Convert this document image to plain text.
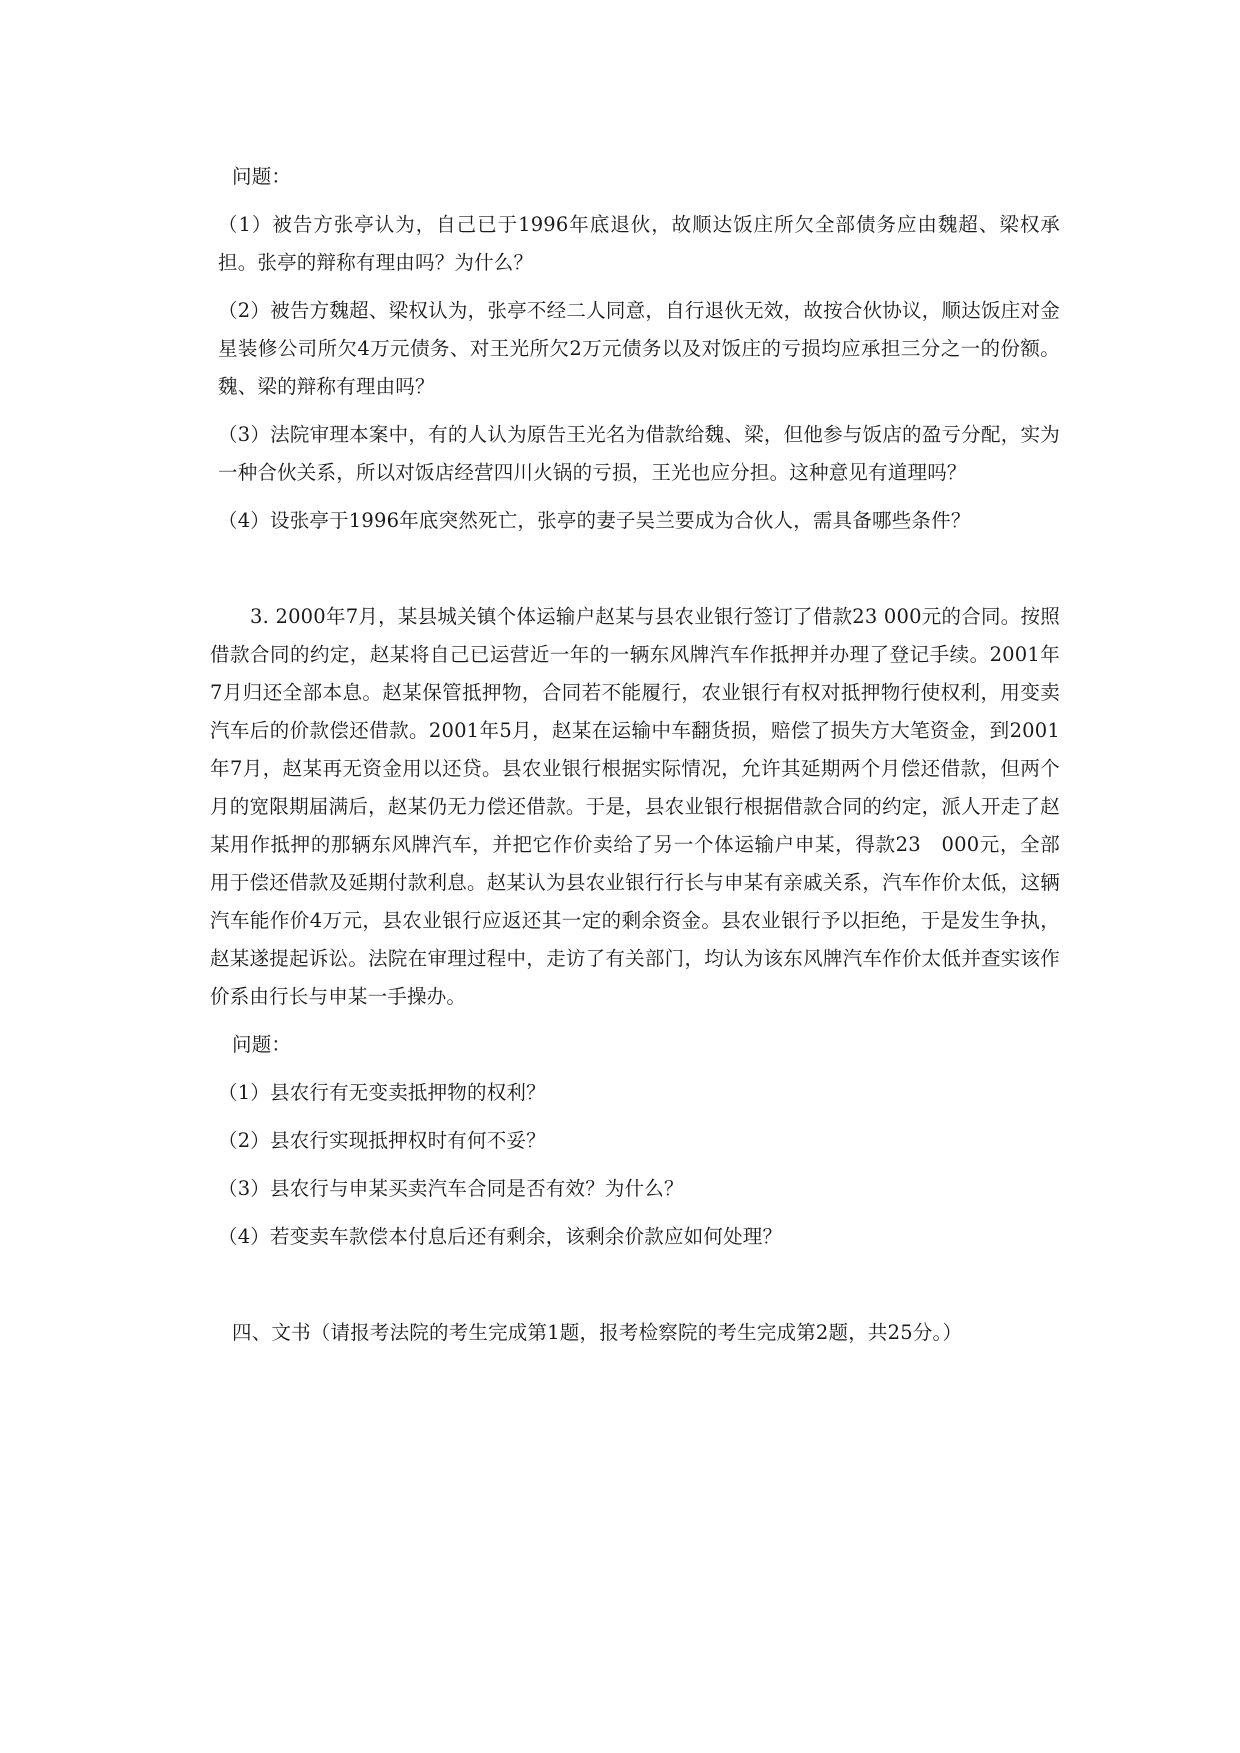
问题：

（1）被告方张亭认为，自己已于1996年底退伙，故顺达饭庄所欠全部债务应由魏超、梁权承担。张亭的辩称有理由吗？为什么？

（2）被告方魏超、梁权认为，张亭不经二人同意，自行退伙无效，故按合伙协议，顺达饭庄对金星装修公司所欠4万元债务、对王光所欠2万元债务以及对饭庄的亏损均应承担三分之一的份额。魏、梁的辩称有理由吗？

（3）法院审理本案中，有的人认为原告王光名为借款给魏、梁，但他参与饭店的盈亏分配，实为一种合伙关系，所以对饭店经营四川火锅的亏损，王光也应分担。这种意见有道理吗？

（4）设张亭于1996年底突然死亡，张亭的妻子吴兰要成为合伙人，需具备哪些条件？

3. 2000年7月，某县城关镇个体运输户赵某与县农业银行签订了借款23 000元的合同。按照借款合同的约定，赵某将自己已运营近一年的一辆东风牌汽车作抵押并办理了登记手续。2001年7月归还全部本息。赵某保管抵押物，合同若不能履行，农业银行有权对抵押物行使权利，用变卖汽车后的价款偿还借款。2001年5月，赵某在运输中车翻货损，赔偿了损失方大笔资金，到2001年7月，赵某再无资金用以还贷。县农业银行根据实际情况，允许其延期两个月偿还借款，但两个月的宽限期届满后，赵某仍无力偿还借款。于是，县农业银行根据借款合同的约定，派人开走了赵某用作抵押的那辆东风牌汽车，并把它作价卖给了另一个体运输户申某，得款23　000元，全部用于偿还借款及延期付款利息。赵某认为县农业银行行长与申某有亲戚关系，汽车作价太低，这辆汽车能作价4万元，县农业银行应返还其一定的剩余资金。县农业银行予以拒绝，于是发生争执，赵某遂提起诉讼。法院在审理过程中，走访了有关部门，均认为该东风牌汽车作价太低并查实该作价系由行长与申某一手操办。

问题：

（1）县农行有无变卖抵押物的权利？

（2）县农行实现抵押权时有何不妥？

（3）县农行与申某买卖汽车合同是否有效？为什么？

（4）若变卖车款偿本付息后还有剩余，该剩余价款应如何处理？

四、文书（请报考法院的考生完成第1题，报考检察院的考生完成第2题，共25分。）
